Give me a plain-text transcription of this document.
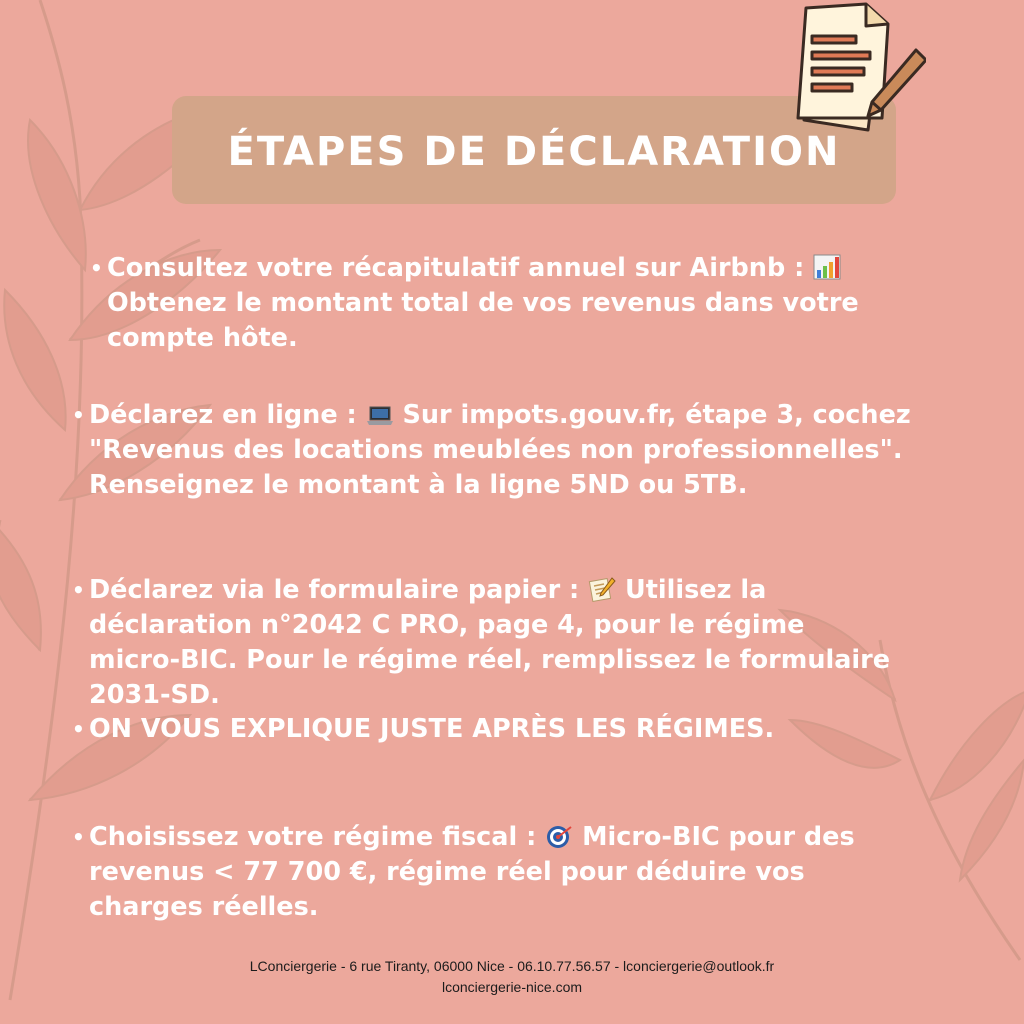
ÉTAPES DE DÉCLARATION
• Consultez votre récapitulatif annuel sur Airbnb :
Obtenez le montant total de vos revenus dans votre
compte hôte.
• Déclarez en ligne : Sur impots.gouv.fr, étape 3, cochez
"Revenus des locations meublées non professionnelles".
Renseignez le montant à la ligne 5ND ou 5TB.
• Déclarez via le formulaire papier : Utilisez la
déclaration n°2042 C PRO, page 4, pour le régime
micro-BIC. Pour le régime réel, remplissez le formulaire
2031-SD.
• ON VOUS EXPLIQUE JUSTE APRÈS LES RÉGIMES.
• Choisissez votre régime fiscal : Micro-BIC pour des
revenus < 77 700 €, régime réel pour déduire vos
charges réelles.
LConciergerie - 6 rue Tiranty, 06000 Nice - 06.10.77.56.57 - lconciergerie@outlook.fr
lconciergerie-nice.com
